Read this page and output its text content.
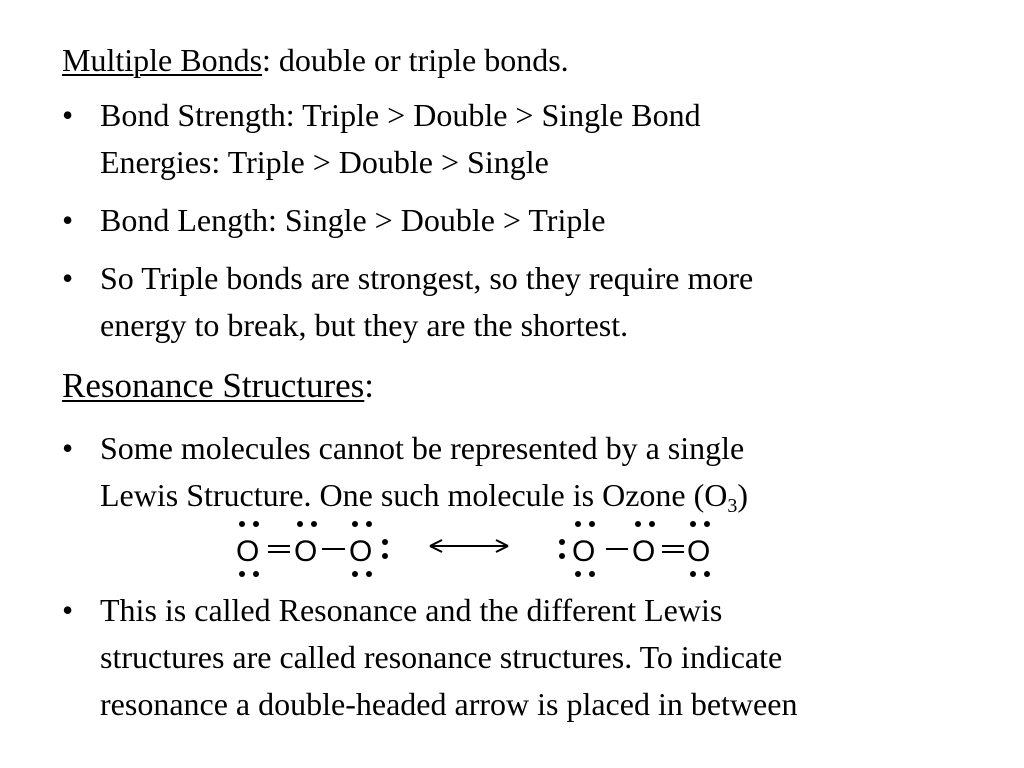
Multiple Bonds: double or triple bonds.
• Bond Strength: Triple > Double > Single Bond
Energies: Triple > Double > Single
• Bond Length: Single > Double > Triple
• So Triple bonds are strongest, so they require more
energy to break, but they are the shortest.
Resonance Structures:
• Some molecules cannot be represented by a single
Lewis Structure. One such molecule is Ozone $(O_3)$
O O O	O O O
• This is called Resonance and the different Lewis
structures are called resonance structures. To indicate
resonance a double-headed arrow is placed in between
